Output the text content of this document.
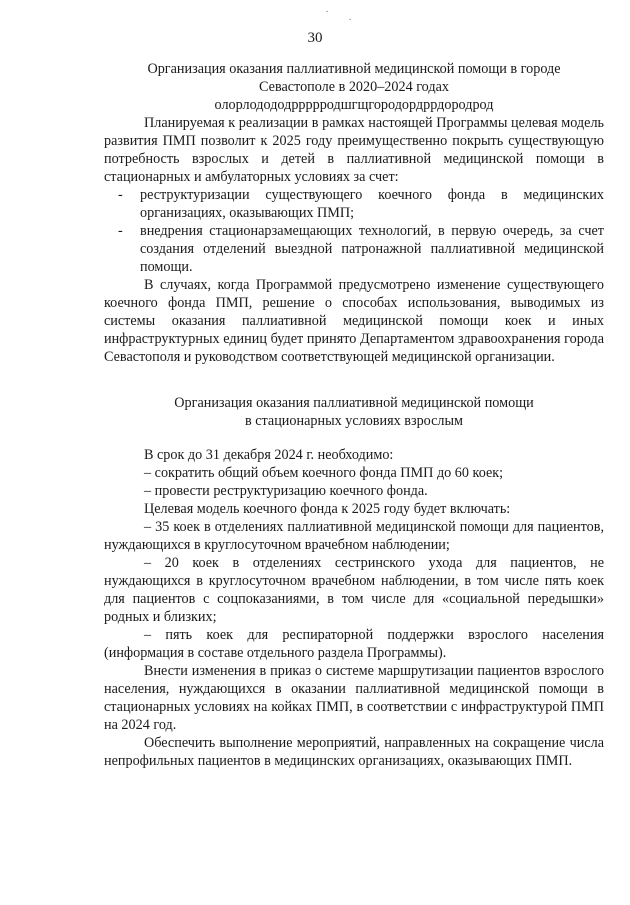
.
.
30
Организация оказания паллиативной медицинской помощи в городе
Севастополе в 2020–2024 годах
олорлодододррррродшгщгородордррдородрод

Планируемая к реализации в рамках настоящей Программы целевая модель развития ПМП позволит к 2025 году преимущественно покрыть существующую потребность взрослых и детей в паллиативной медицинской помощи в стационарных и амбулаторных условиях за счет:

-	реструктуризации существующего коечного фонда в медицинских организациях, оказывающих ПМП;
-	внедрения стационарзамещающих технологий, в первую очередь, за счет создания отделений выездной патронажной паллиативной медицинской помощи.

В случаях, когда Программой предусмотрено изменение существующего коечного фонда ПМП, решение о способах использования, выводимых из системы оказания паллиативной медицинской помощи коек и иных инфраструктурных единиц будет принято Департаментом здравоохранения города Севастополя и руководством соответствующей медицинской организации.

Организация оказания паллиативной медицинской помощи
в стационарных условиях взрослым

В срок до 31 декабря 2024 г. необходимо:

– сократить общий объем коечного фонда ПМП до 60 коек;

– провести реструктуризацию коечного фонда.

Целевая модель коечного фонда к 2025 году будет включать:

– 35 коек в отделениях паллиативной медицинской помощи для пациентов, нуждающихся в круглосуточном врачебном наблюдении;

– 20 коек в отделениях сестринского ухода для пациентов, не нуждающихся в круглосуточном врачебном наблюдении, в том числе пять коек для пациентов с соцпоказаниями, в том числе для «социальной передышки» родных и близких;

– пять коек для респираторной поддержки взрослого населения (информация в составе отдельного раздела Программы).

Внести изменения в приказ о системе маршрутизации пациентов взрослого населения, нуждающихся в оказании паллиативной медицинской помощи в стационарных условиях на койках ПМП, в соответствии с инфраструктурой ПМП на 2024 год.

Обеспечить выполнение мероприятий, направленных на сокращение числа непрофильных пациентов в медицинских организациях, оказывающих ПМП.
